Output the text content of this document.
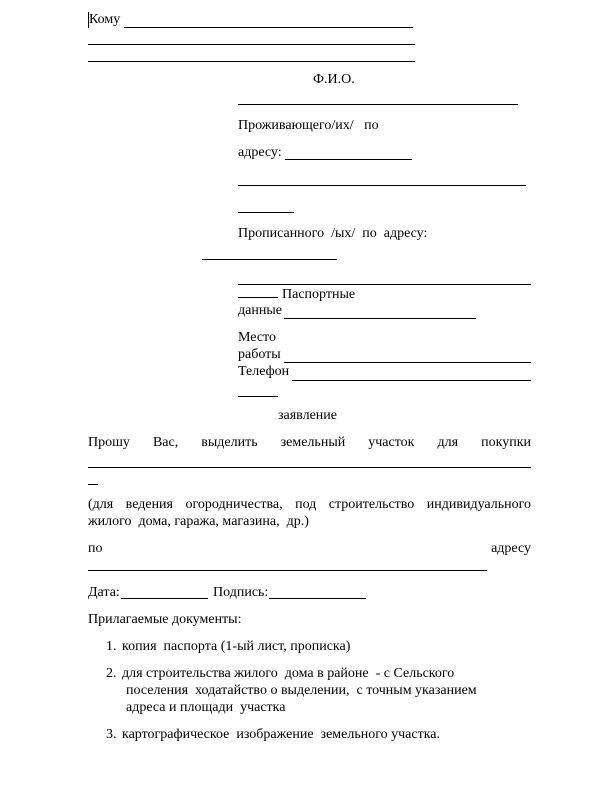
Кому
Ф.И.О.
Проживающего/их/   по
адресу:
Прописанного  /ых/  по  адресу:
Паспортные
данные
Место
работы
Телефон
заявление
Прошу Вас, выделить земельный участок для покупки
(для ведения огородничества, под строительство индивидуального
жилого  дома, гаража, магазина,  др.)
по	адресу
Дата:	Подпись:
Прилагаемые документы:
1. копия  паспорта (1-ый лист, прописка)
2. для строительства жилого  дома в районе  - с Сельского
поселения  ходатайство о выделении,  с точным указанием
адреса и площади  участка
3. картографическое  изображение  земельного участка.
